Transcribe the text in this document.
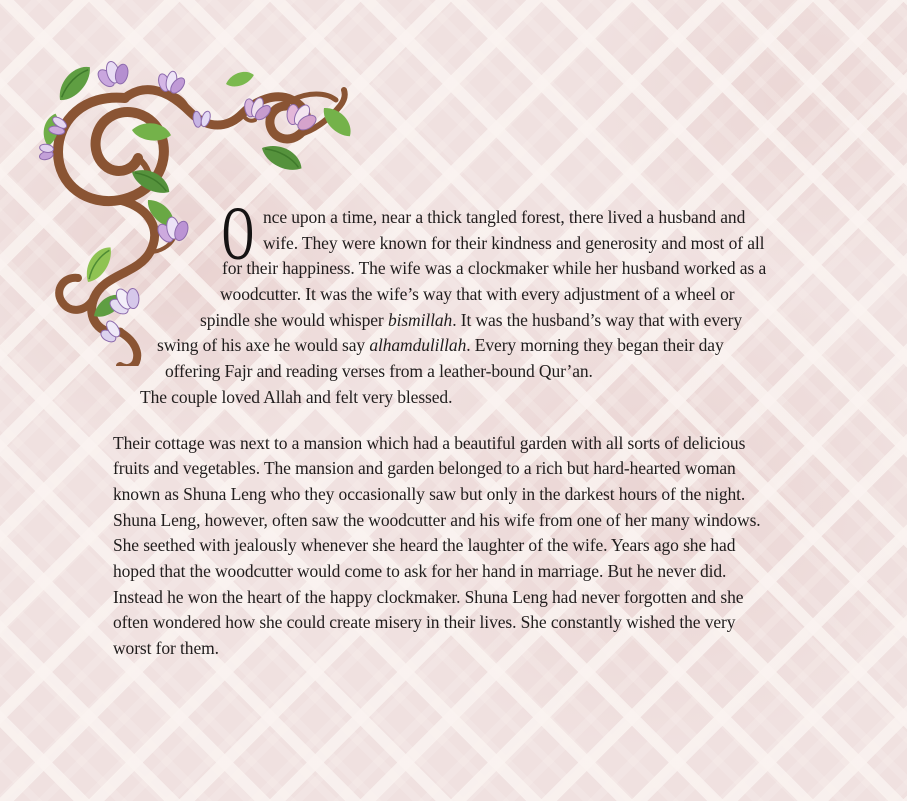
O nce upon a time, near a thick tangled forest, there lived a husband and
wife. They were known for their kindness and generosity and most of all
for their happiness. The wife was a clockmaker while her husband worked as a
woodcutter. It was the wife’s way that with every adjustment of a wheel or
spindle she would whisper bismillah. It was the husband’s way that with every
swing of his axe he would say alhamdulillah. Every morning they began their day
offering Fajr and reading verses from a leather-bound Qur’an.
The couple loved Allah and felt very blessed.

Their cottage was next to a mansion which had a beautiful garden with all sorts of delicious
fruits and vegetables. The mansion and garden belonged to a rich but hard-hearted woman
known as Shuna Leng who they occasionally saw but only in the darkest hours of the night.
Shuna Leng, however, often saw the woodcutter and his wife from one of her many windows.
She seethed with jealously whenever she heard the laughter of the wife. Years ago she had
hoped that the woodcutter would come to ask for her hand in marriage. But he never did.
Instead he won the heart of the happy clockmaker. Shuna Leng had never forgotten and she
often wondered how she could create misery in their lives. She constantly wished the very
worst for them.
